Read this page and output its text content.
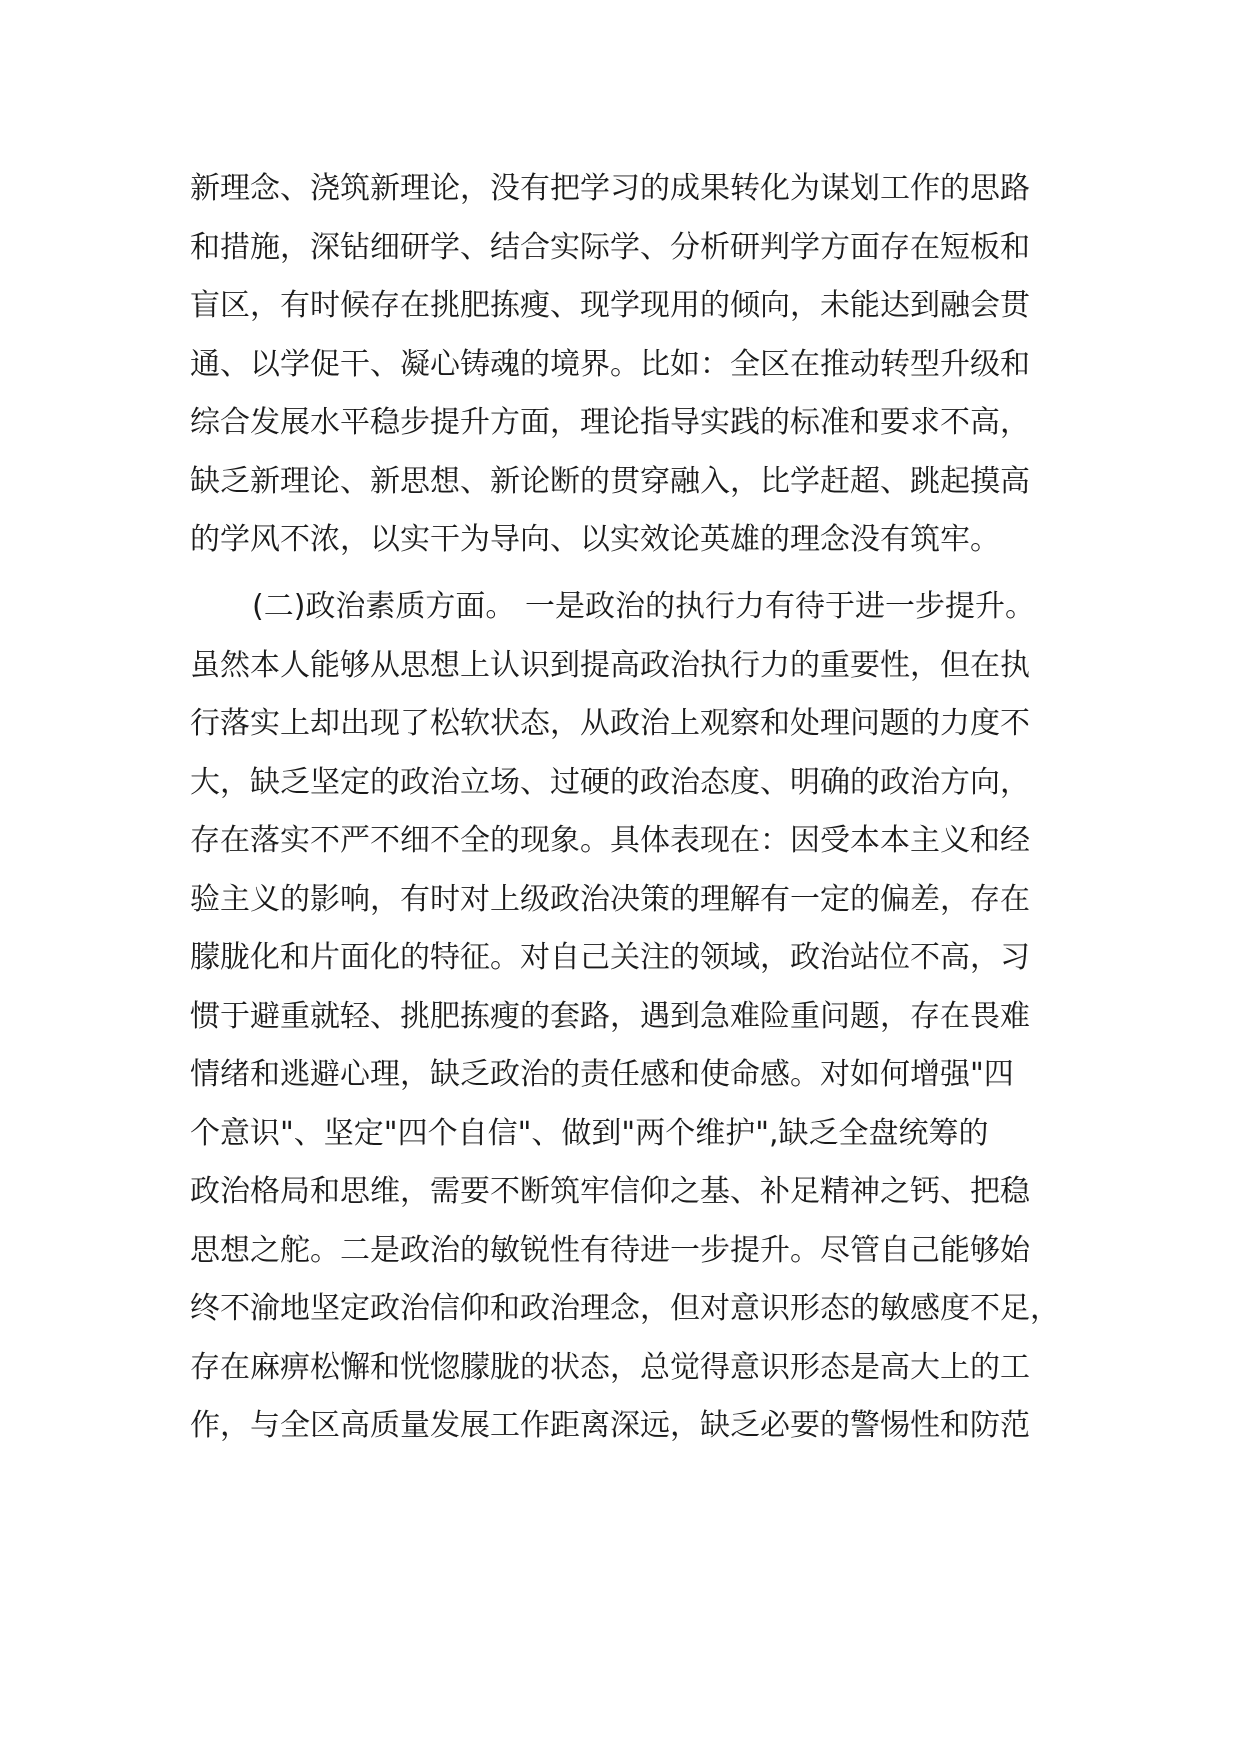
新理念、浇筑新理论，没有把学习的成果转化为谋划工作的思路
和措施，深钻细研学、结合实际学、分析研判学方面存在短板和
盲区，有时候存在挑肥拣瘦、现学现用的倾向，未能达到融会贯
通、以学促干、凝心铸魂的境界。比如：全区在推动转型升级和
综合发展水平稳步提升方面，理论指导实践的标准和要求不高，
缺乏新理论、新思想、新论断的贯穿融入，比学赶超、跳起摸高
的学风不浓，以实干为导向、以实效论英雄的理念没有筑牢。
(二)政治素质方面。 一是政治的执行力有待于进一步提升。
虽然本人能够从思想上认识到提高政治执行力的重要性，但在执
行落实上却出现了松软状态，从政治上观察和处理问题的力度不
大，缺乏坚定的政治立场、过硬的政治态度、明确的政治方向，
存在落实不严不细不全的现象。具体表现在：因受本本主义和经
验主义的影响，有时对上级政治决策的理解有一定的偏差，存在
朦胧化和片面化的特征。对自己关注的领域，政治站位不高，习
惯于避重就轻、挑肥拣瘦的套路，遇到急难险重问题，存在畏难
情绪和逃避心理，缺乏政治的责任感和使命感。对如何增强"四
个意识"、坚定"四个自信"、做到"两个维护",缺乏全盘统筹的
政治格局和思维，需要不断筑牢信仰之基、补足精神之钙、把稳
思想之舵。二是政治的敏锐性有待进一步提升。尽管自己能够始
终不渝地坚定政治信仰和政治理念，但对意识形态的敏感度不足，
存在麻痹松懈和恍惚朦胧的状态，总觉得意识形态是高大上的工
作，与全区高质量发展工作距离深远，缺乏必要的警惕性和防范
